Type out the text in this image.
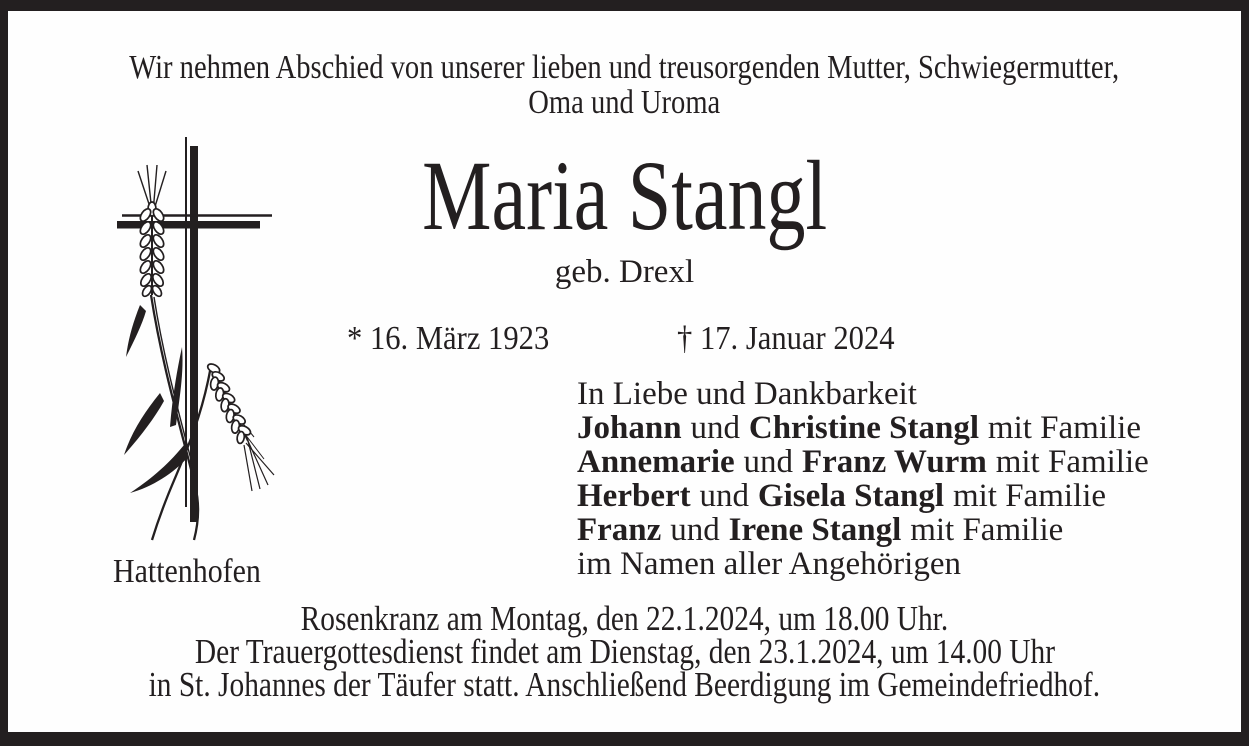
Wir nehmen Abschied von unserer lieben und treusorgenden Mutter, Schwiegermutter,
Oma und Uroma
Maria Stangl
geb. Drexl
* 16. März 1923	† 17. Januar 2024
In Liebe und Dankbarkeit
Johann und Christine Stangl mit Familie
Annemarie und Franz Wurm mit Familie
Herbert und Gisela Stangl mit Familie
Franz und Irene Stangl mit Familie
im Namen aller Angehörigen
Hattenhofen
Rosenkranz am Montag, den 22.1.2024, um 18.00 Uhr.
Der Trauergottesdienst findet am Dienstag, den 23.1.2024, um 14.00 Uhr
in St. Johannes der Täufer statt. Anschließend Beerdigung im Gemeindefriedhof.
